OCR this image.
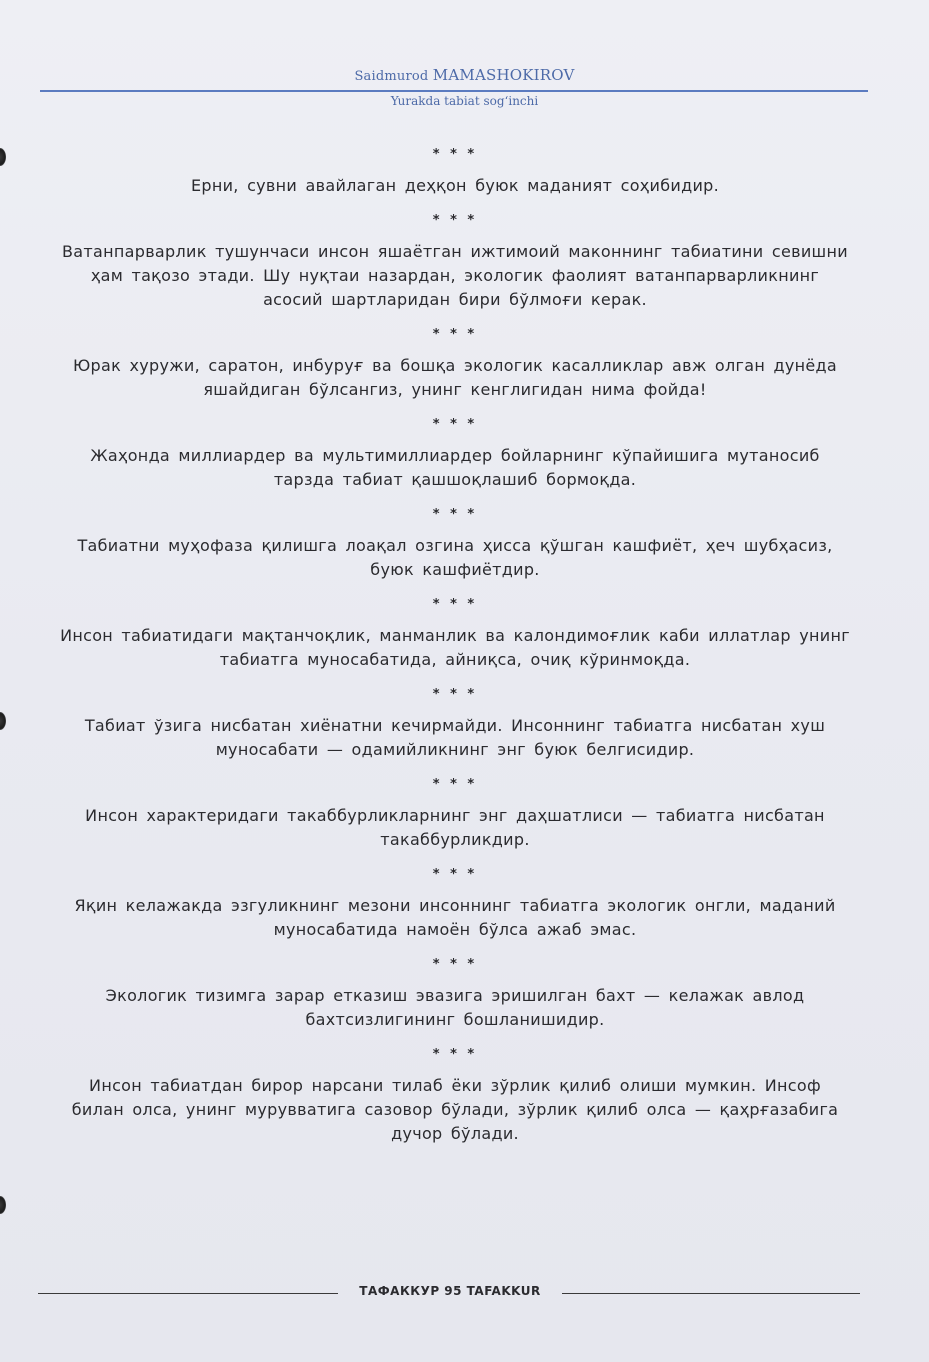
Saidmurod MAMASHOKIROV
Yurakda tabiat sog‘inchi
* * *
Ерни, сувни авайлаган деҳқон буюк маданият соҳибидир.
* * *
Ватанпарварлик тушунчаси инсон яшаётган ижтимоий маконнинг табиатини севишни ҳам тақозо этади. Шу нуқтаи назардан, экологик фаолият ватанпарварликнинг асосий шартларидан бири бўлмоғи керак.
* * *
Юрак хуружи, саратон, инбуруғ ва бошқа экологик касалликлар авж олган дунёда яшайдиган бўлсангиз, унинг кенглигидан нима фойда!
* * *
Жаҳонда миллиардер ва мультимиллиардер бойларнинг кўпайишига мутаносиб тарзда табиат қашшоқлашиб бормоқда.
* * *
Табиатни муҳофаза қилишга лоақал озгина ҳисса қўшган кашфиёт, ҳеч шубҳасиз, буюк кашфиётдир.
* * *
Инсон табиатидаги мақтанчоқлик, манманлик ва калондимоғлик каби иллатлар унинг табиатга муносабатида, айниқса, очиқ кўринмоқда.
* * *
Табиат ўзига нисбатан хиёнатни кечирмайди. Инсоннинг табиатга нисбатан хуш муносабати — одамийликнинг энг буюк белгисидир.
* * *
Инсон характеридаги такаббурликларнинг энг даҳшатлиси — табиатга нисбатан такаббурликдир.
* * *
Яқин келажакда эзгуликнинг мезони инсоннинг табиатга экологик онгли, маданий муносабатида намоён бўлса ажаб эмас.
* * *
Экологик тизимга зарар етказиш эвазига эришилган бахт — келажак авлод бахтсизлигининг бошланишидир.
* * *
Инсон табиатдан бирор нарсани тилаб ёки зўрлик қилиб олиши мумкин. Инсоф билан олса, унинг мурувватига сазовор бўлади, зўрлик қилиб олса — қаҳрғазабига дучор бўлади.
ТАФАККУР 95 TAFAKKUR
